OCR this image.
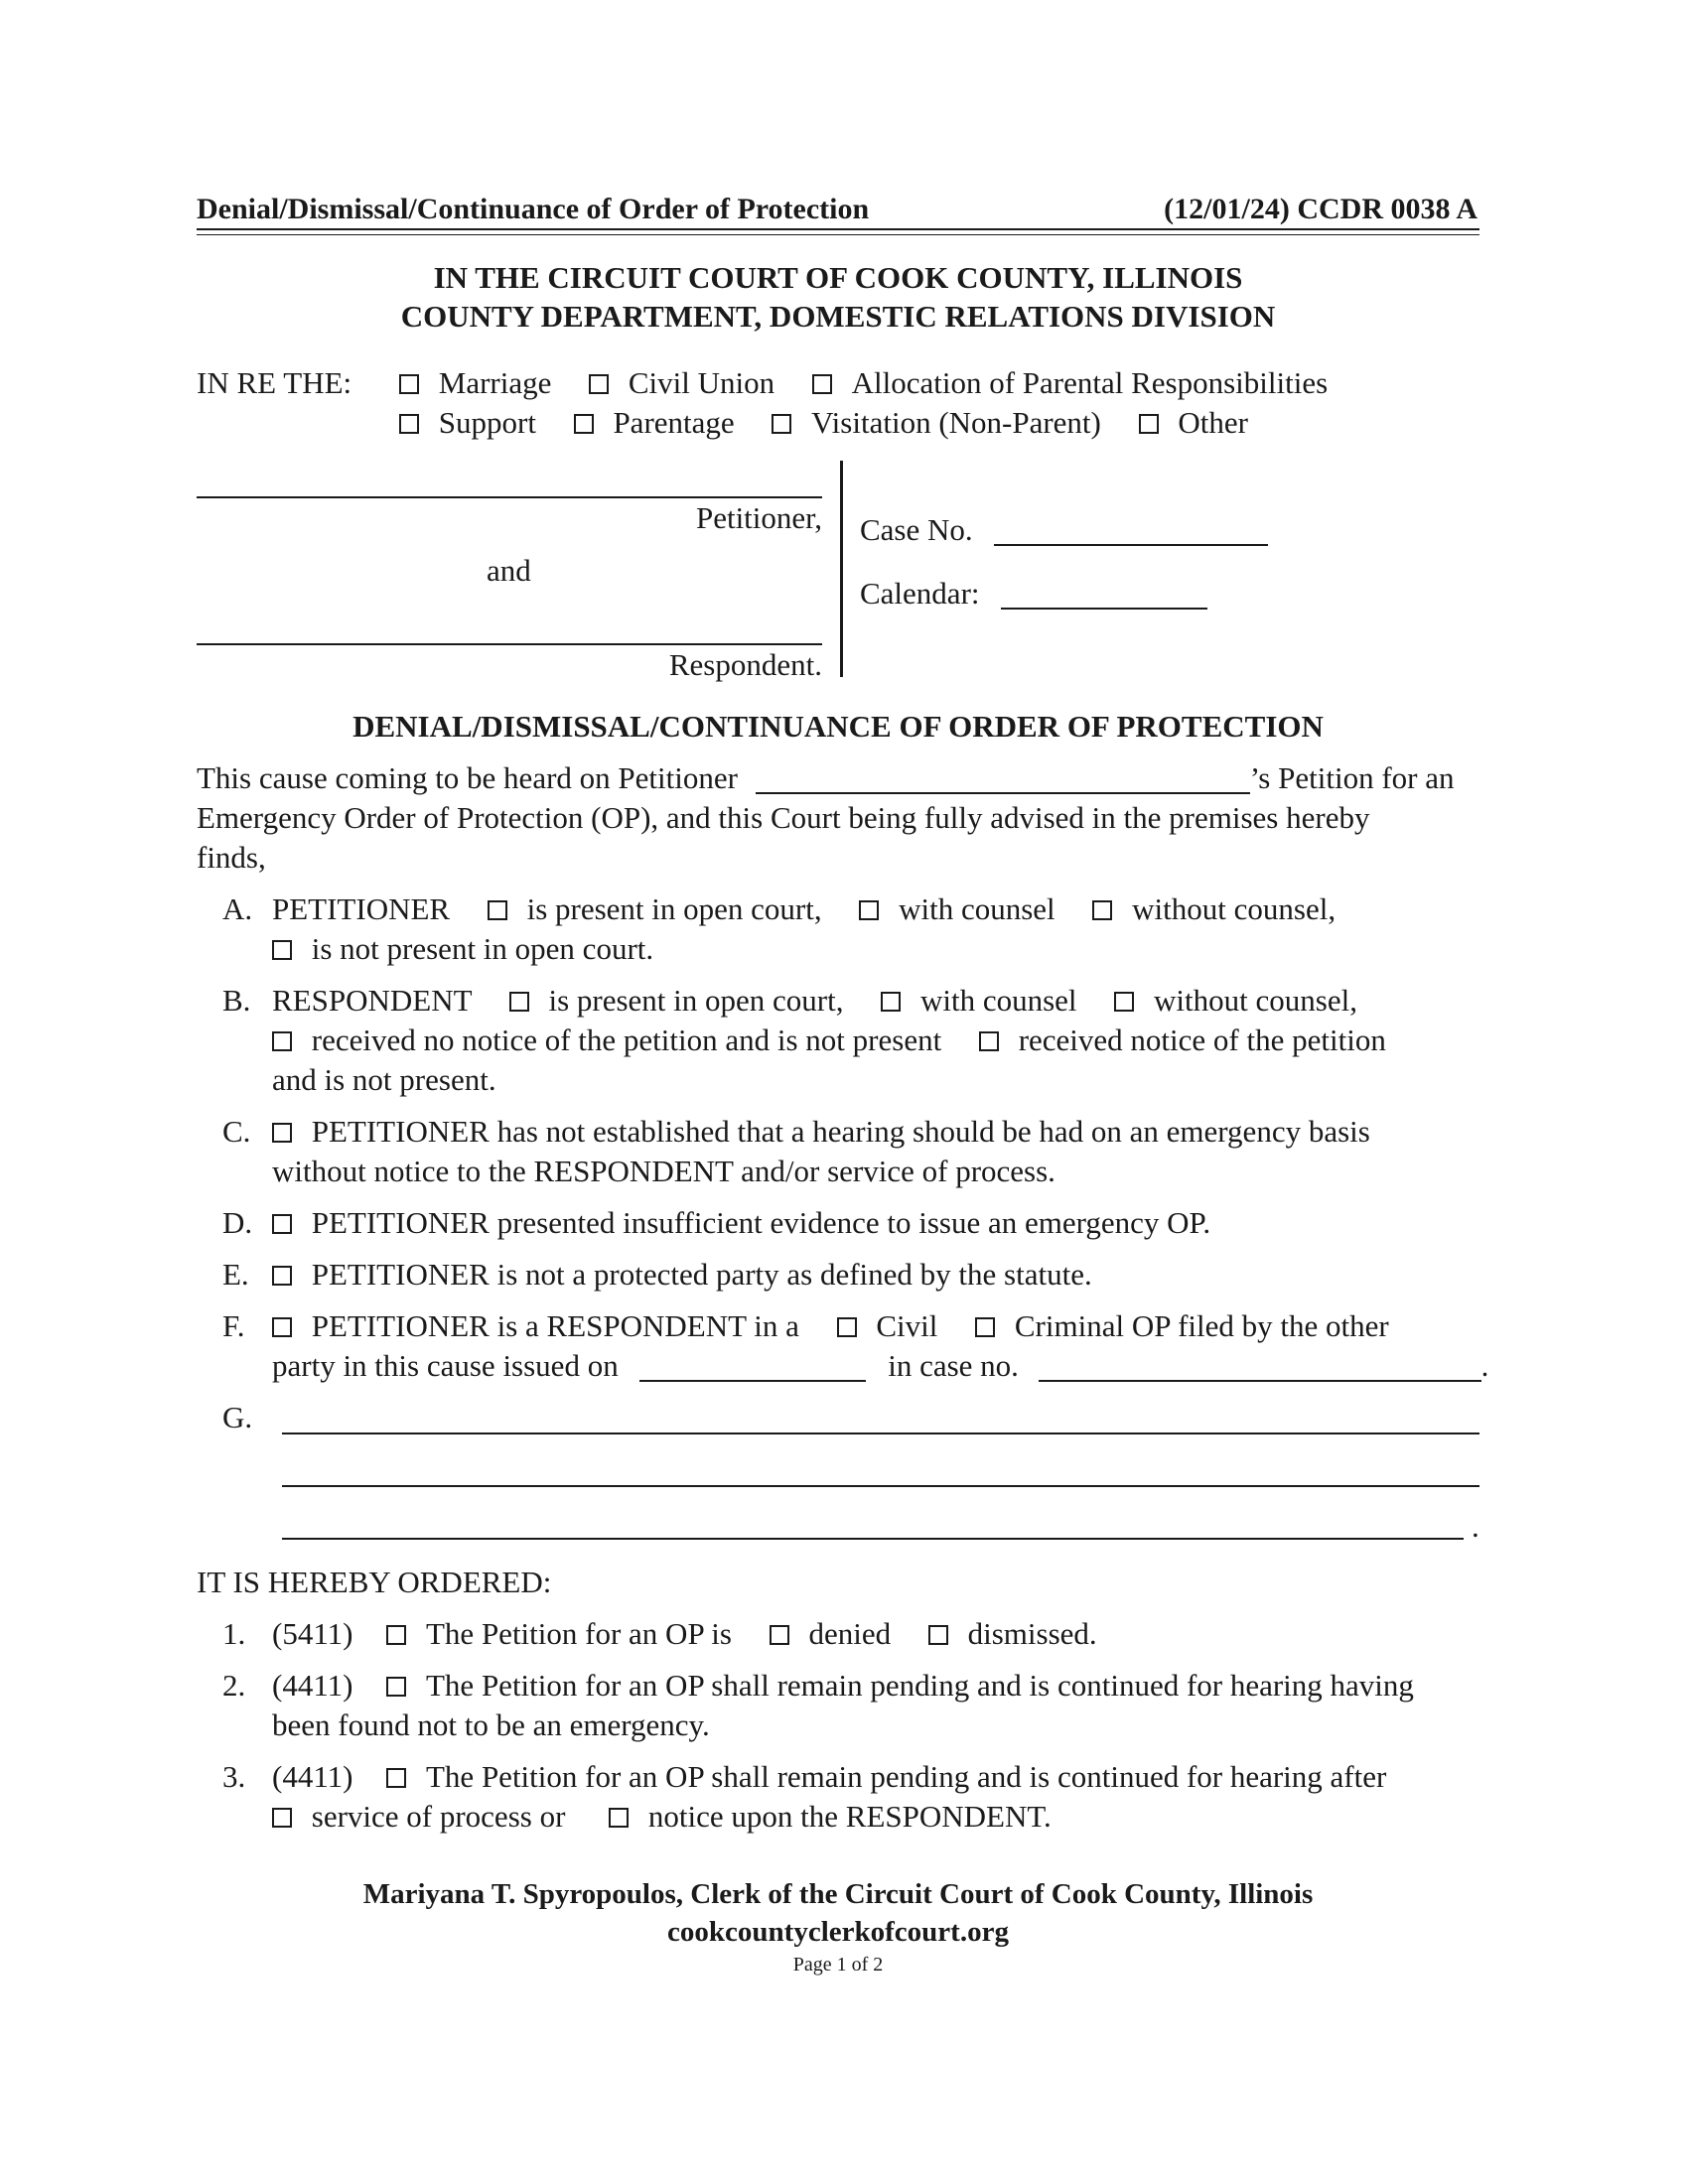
Denial/Dismissal/Continuance of Order of Protection	(12/01/24) CCDR 0038 A
IN THE CIRCUIT COURT OF COOK COUNTY, ILLINOIS
COUNTY DEPARTMENT, DOMESTIC RELATIONS DIVISION
IN RE THE:	Marriage	Civil Union	Allocation of Parental Responsibilities
Support	Parentage	Visitation (Non-Parent)	Other
Petitioner,
and
Respondent.
Case No.
Calendar:
DENIAL/DISMISSAL/CONTINUANCE OF ORDER OF PROTECTION
This cause coming to be heard on Petitioner	’s Petition for an
Emergency Order of Protection (OP), and this Court being fully advised in the premises hereby
finds,
A. PETITIONER	is present in open court,	with counsel	without counsel,
is not present in open court.
B. RESPONDENT	is present in open court,	with counsel	without counsel,
received no notice of the petition and is not present	received notice of the petition
and is not present.
C.	PETITIONER has not established that a hearing should be had on an emergency basis
without notice to the RESPONDENT and/or service of process.
D.	PETITIONER presented insufficient evidence to issue an emergency OP.
E.	PETITIONER is not a protected party as defined by the statute.
F.	PETITIONER is a RESPONDENT in a	Civil	Criminal OP filed by the other
party in this cause issued on	in case no.	.
G.
.
IT IS HEREBY ORDERED:
1. (5411) The Petition for an OP is	denied	dismissed.
2. (4411) The Petition for an OP shall remain pending and is continued for hearing having
been found not to be an emergency.
3. (4411) The Petition for an OP shall remain pending and is continued for hearing after
service of process or	notice upon the RESPONDENT.
Mariyana T. Spyropoulos, Clerk of the Circuit Court of Cook County, Illinois
cookcountyclerkofcourt.org
Page 1 of 2
